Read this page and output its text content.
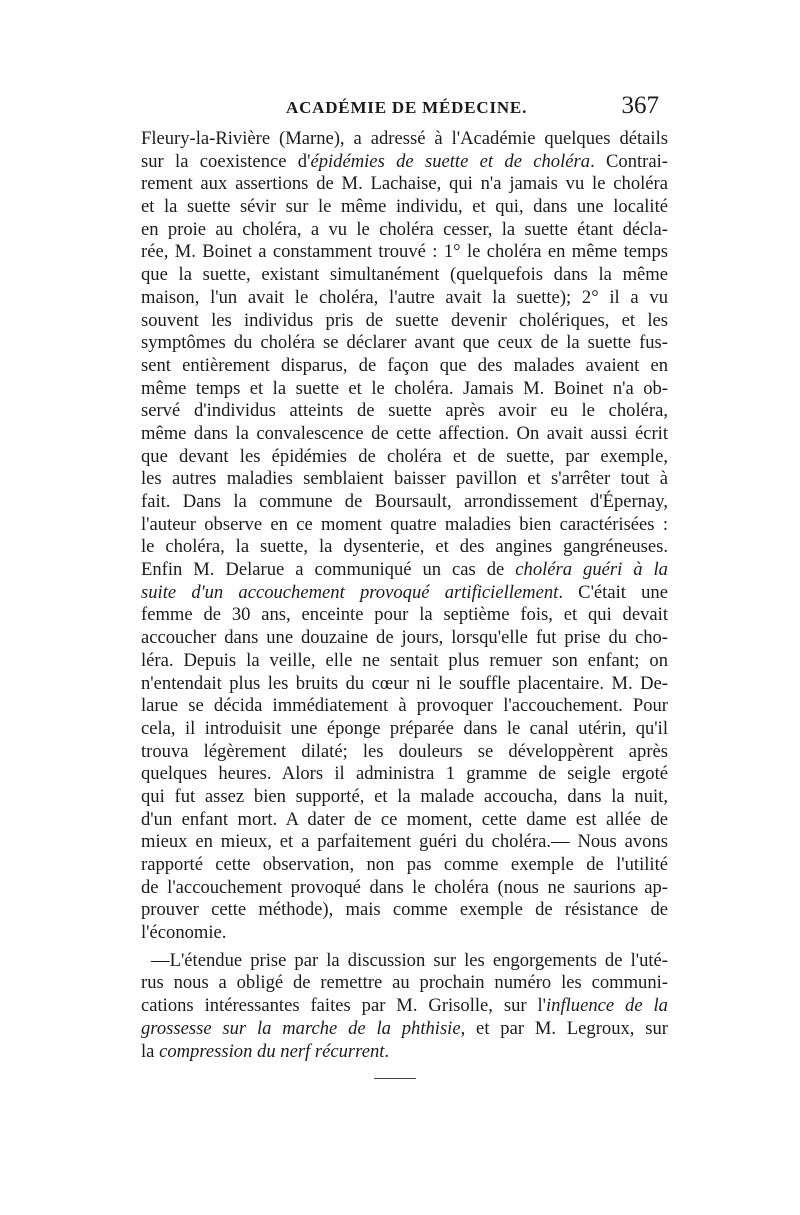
ACADÉMIE DE MÉDECINE.	367
Fleury-la-Rivière (Marne), a adressé à l'Académie quelques détails
sur la coexistence d'épidémies de suette et de choléra. Contrai-
rement aux assertions de M. Lachaise, qui n'a jamais vu le choléra
et la suette sévir sur le même individu, et qui, dans une localité
en proie au choléra, a vu le choléra cesser, la suette étant décla-
rée, M. Boinet a constamment trouvé : 1° le choléra en même temps
que la suette, existant simultanément (quelquefois dans la même
maison, l'un avait le choléra, l'autre avait la suette); 2° il a vu
souvent les individus pris de suette devenir cholériques, et les
symptômes du choléra se déclarer avant que ceux de la suette fus-
sent entièrement disparus, de façon que des malades avaient en
même temps et la suette et le choléra. Jamais M. Boinet n'a ob-
servé d'individus atteints de suette après avoir eu le choléra,
même dans la convalescence de cette affection. On avait aussi écrit
que devant les épidémies de choléra et de suette, par exemple,
les autres maladies semblaient baisser pavillon et s'arrêter tout à
fait. Dans la commune de Boursault, arrondissement d'Épernay,
l'auteur observe en ce moment quatre maladies bien caractérisées :
le choléra, la suette, la dysenterie, et des angines gangréneuses.
Enfin M. Delarue a communiqué un cas de choléra guéri à la
suite d'un accouchement provoqué artificiellement. C'était une
femme de 30 ans, enceinte pour la septième fois, et qui devait
accoucher dans une douzaine de jours, lorsqu'elle fut prise du cho-
léra. Depuis la veille, elle ne sentait plus remuer son enfant; on
n'entendait plus les bruits du cœur ni le souffle placentaire. M. De-
larue se décida immédiatement à provoquer l'accouchement. Pour
cela, il introduisit une éponge préparée dans le canal utérin, qu'il
trouva légèrement dilaté; les douleurs se développèrent après
quelques heures. Alors il administra 1 gramme de seigle ergoté
qui fut assez bien supporté, et la malade accoucha, dans la nuit,
d'un enfant mort. A dater de ce moment, cette dame est allée de
mieux en mieux, et a parfaitement guéri du choléra.— Nous avons
rapporté cette observation, non pas comme exemple de l'utilité
de l'accouchement provoqué dans le choléra (nous ne saurions ap-
prouver cette méthode), mais comme exemple de résistance de
l'économie.
—L'étendue prise par la discussion sur les engorgements de l'uté-
rus nous a obligé de remettre au prochain numéro les communi-
cations intéressantes faites par M. Grisolle, sur l'influence de la
grossesse sur la marche de la phthisie, et par M. Legroux, sur
la compression du nerf récurrent.
